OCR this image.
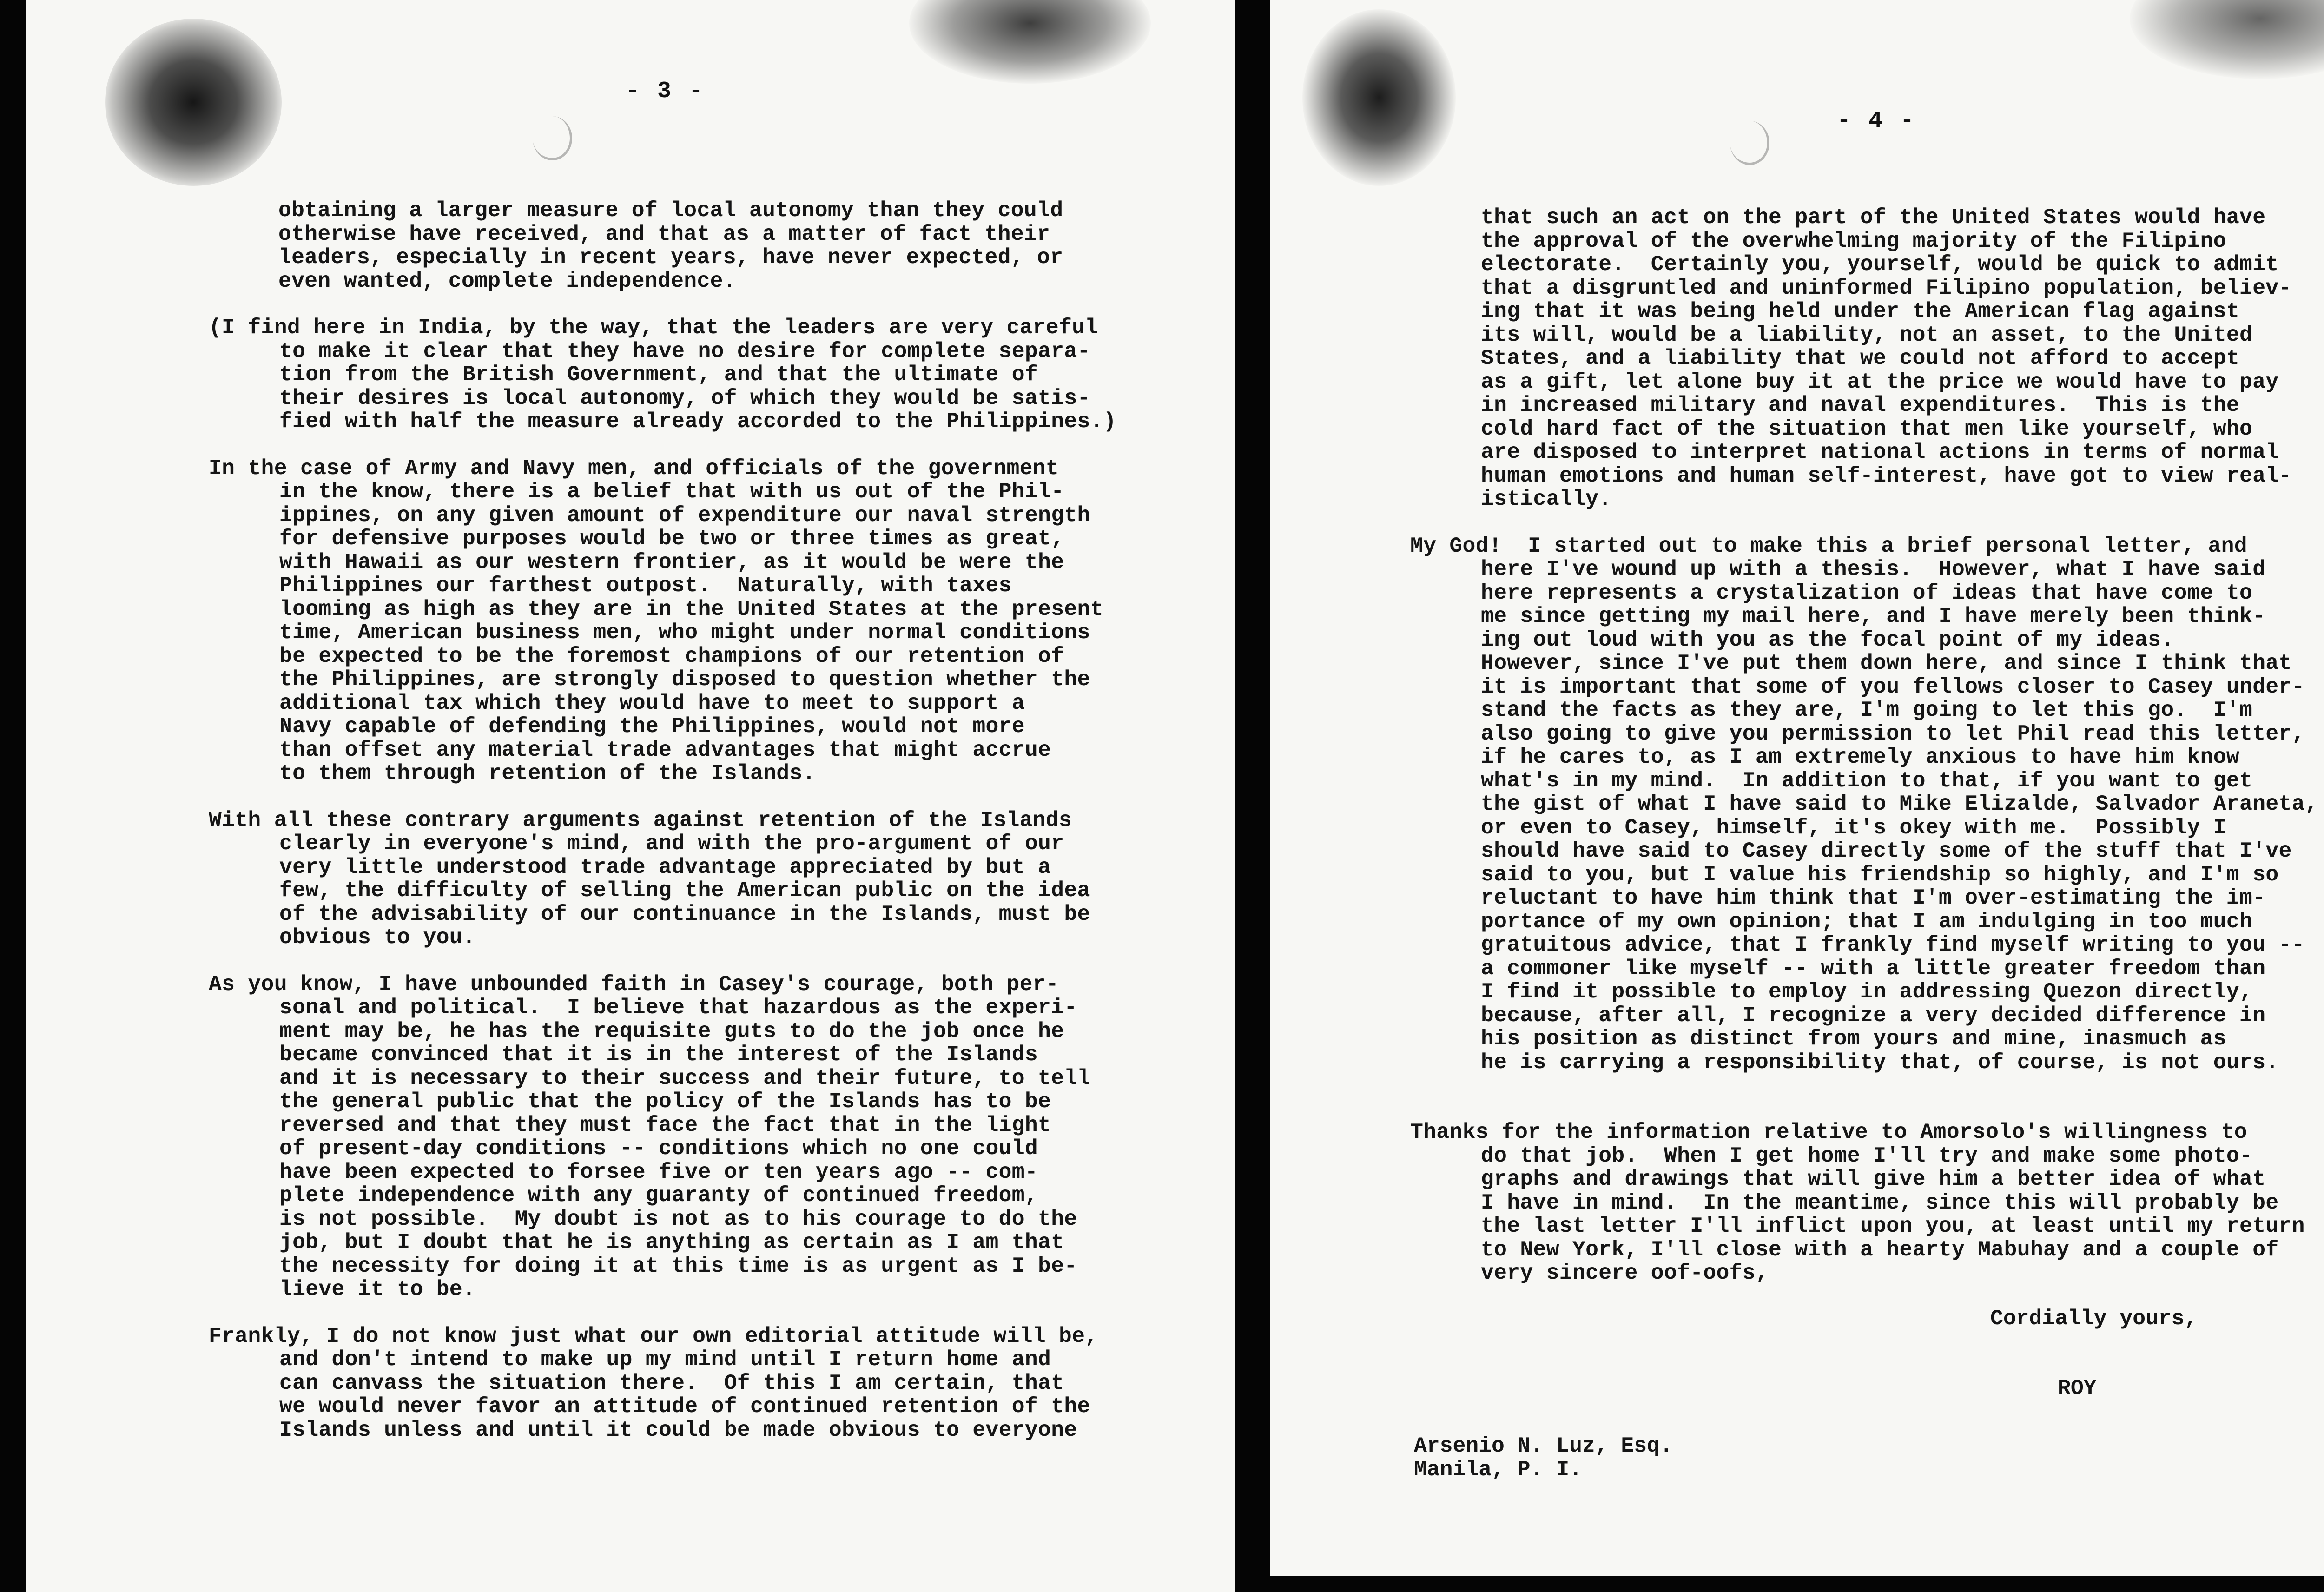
- 3 -
obtaining a larger measure of local autonomy than they could
otherwise have received, and that as a matter of fact their
leaders, especially in recent years, have never expected, or
even wanted, complete independence.
(I find here in India, by the way, that the leaders are very careful
to make it clear that they have no desire for complete separa-
tion from the British Government, and that the ultimate of
their desires is local autonomy, of which they would be satis-
fied with half the measure already accorded to the Philippines.)
In the case of Army and Navy men, and officials of the government
in the know, there is a belief that with us out of the Phil-
ippines, on any given amount of expenditure our naval strength
for defensive purposes would be two or three times as great,
with Hawaii as our western frontier, as it would be were the
Philippines our farthest outpost.  Naturally, with taxes
looming as high as they are in the United States at the present
time, American business men, who might under normal conditions
be expected to be the foremost champions of our retention of
the Philippines, are strongly disposed to question whether the
additional tax which they would have to meet to support a
Navy capable of defending the Philippines, would not more
than offset any material trade advantages that might accrue
to them through retention of the Islands.
With all these contrary arguments against retention of the Islands
clearly in everyone's mind, and with the pro-argument of our
very little understood trade advantage appreciated by but a
few, the difficulty of selling the American public on the idea
of the advisability of our continuance in the Islands, must be
obvious to you.
As you know, I have unbounded faith in Casey's courage, both per-
sonal and political.  I believe that hazardous as the experi-
ment may be, he has the requisite guts to do the job once he
became convinced that it is in the interest of the Islands
and it is necessary to their success and their future, to tell
the general public that the policy of the Islands has to be
reversed and that they must face the fact that in the light
of present-day conditions -- conditions which no one could
have been expected to forsee five or ten years ago -- com-
plete independence with any guaranty of continued freedom,
is not possible.  My doubt is not as to his courage to do the
job, but I doubt that he is anything as certain as I am that
the necessity for doing it at this time is as urgent as I be-
lieve it to be.
Frankly, I do not know just what our own editorial attitude will be,
and don't intend to make up my mind until I return home and
can canvass the situation there.  Of this I am certain, that
we would never favor an attitude of continued retention of the
Islands unless and until it could be made obvious to everyone
- 4 -
that such an act on the part of the United States would have
the approval of the overwhelming majority of the Filipino
electorate.  Certainly you, yourself, would be quick to admit
that a disgruntled and uninformed Filipino population, believ-
ing that it was being held under the American flag against
its will, would be a liability, not an asset, to the United
States, and a liability that we could not afford to accept
as a gift, let alone buy it at the price we would have to pay
in increased military and naval expenditures.  This is the
cold hard fact of the situation that men like yourself, who
are disposed to interpret national actions in terms of normal
human emotions and human self-interest, have got to view real-
istically.
My God!  I started out to make this a brief personal letter, and
here I've wound up with a thesis.  However, what I have said
here represents a crystalization of ideas that have come to
me since getting my mail here, and I have merely been think-
ing out loud with you as the focal point of my ideas.
However, since I've put them down here, and since I think that
it is important that some of you fellows closer to Casey under-
stand the facts as they are, I'm going to let this go.  I'm
also going to give you permission to let Phil read this letter,
if he cares to, as I am extremely anxious to have him know
what's in my mind.  In addition to that, if you want to get
the gist of what I have said to Mike Elizalde, Salvador Araneta,
or even to Casey, himself, it's okey with me.  Possibly I
should have said to Casey directly some of the stuff that I've
said to you, but I value his friendship so highly, and I'm so
reluctant to have him think that I'm over-estimating the im-
portance of my own opinion; that I am indulging in too much
gratuitous advice, that I frankly find myself writing to you --
a commoner like myself -- with a little greater freedom than
I find it possible to employ in addressing Quezon directly,
because, after all, I recognize a very decided difference in
his position as distinct from yours and mine, inasmuch as
he is carrying a responsibility that, of course, is not ours.
Thanks for the information relative to Amorsolo's willingness to
do that job.  When I get home I'll try and make some photo-
graphs and drawings that will give him a better idea of what
I have in mind.  In the meantime, since this will probably be
the last letter I'll inflict upon you, at least until my return
to New York, I'll close with a hearty Mabuhay and a couple of
very sincere oof-oofs,
Cordially yours,
ROY
Arsenio N. Luz, Esq.
Manila, P. I.
